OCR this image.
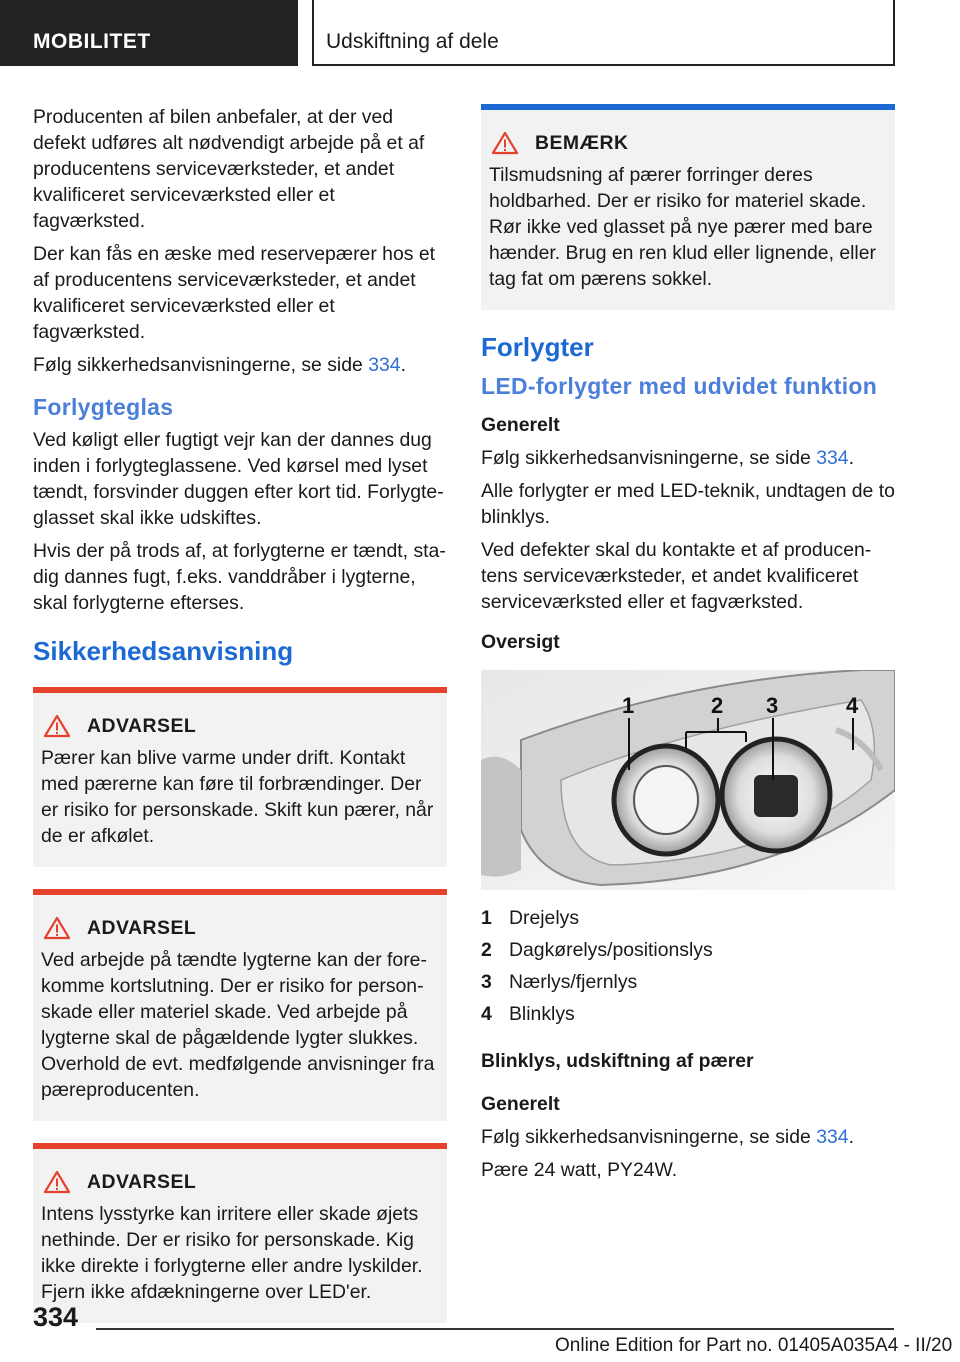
MOBILITET	Udskiftning af dele

Producenten af bilen anbefaler, at der ved defekt udføres alt nødvendigt arbejde på et af producentens serviceværksteder, et andet kvalificeret serviceværksted eller et fagværksted.

Der kan fås en æske med reservepærer hos et af producentens serviceværksteder, et andet kvalificeret serviceværksted eller et fagværksted.

Følg sikkerhedsanvisningerne, se side 334.

Forlygteglas

Ved køligt eller fugtigt vejr kan der dannes dug inden i forlygteglassene. Ved kørsel med lyset tændt, forsvinder duggen efter kort tid. Forlygteglasset skal ikke udskiftes.

Hvis der på trods af, at forlygterne er tændt, stadig dannes fugt, f.eks. vanddråber i lygterne, skal forlygterne efterses.

Sikkerhedsanvisning
ADVARSEL
Pærer kan blive varme under drift. Kontakt med pærerne kan føre til forbrændinger. Der er risiko for personskade. Skift kun pærer, når de er afkølet.
ADVARSEL
Ved arbejde på tændte lygterne kan der forekomme kortslutning. Der er risiko for personskade eller materiel skade. Ved arbejde på lygterne skal de pågældende lygter slukkes. Overhold de evt. medfølgende anvisninger fra pæreproducenten.
ADVARSEL
Intens lysstyrke kan irritere eller skade øjets nethinde. Der er risiko for personskade. Kig ikke direkte i forlygterne eller andre lyskilder. Fjern ikke afdækningerne over LED'er.
BEMÆRK
Tilsmudsning af pærer forringer deres holdbarhed. Der er risiko for materiel skade. Rør ikke ved glasset på nye pærer med bare hænder. Brug en ren klud eller lignende, eller tag fat om pærens sokkel.
Forlygter
LED-forlygter med udvidet funktion
Generelt

Følg sikkerhedsanvisningerne, se side 334.

Alle forlygter er med LED-teknik, undtagen de to blinklys.

Ved defekter skal du kontakte et af producentens serviceværksteder, et andet kvalificeret serviceværksted eller et fagværksted.

Oversigt
1	2 3	4
1 Drejelys
2 Dagkørelys/positionslys
3 Nærlys/fjernlys
4 Blinklys
Blinklys, udskiftning af pærer
Generelt

Følg sikkerhedsanvisningerne, se side 334.

Pære 24 watt, PY24W.

334
Online Edition for Part no. 01405A035A4 - II/20
